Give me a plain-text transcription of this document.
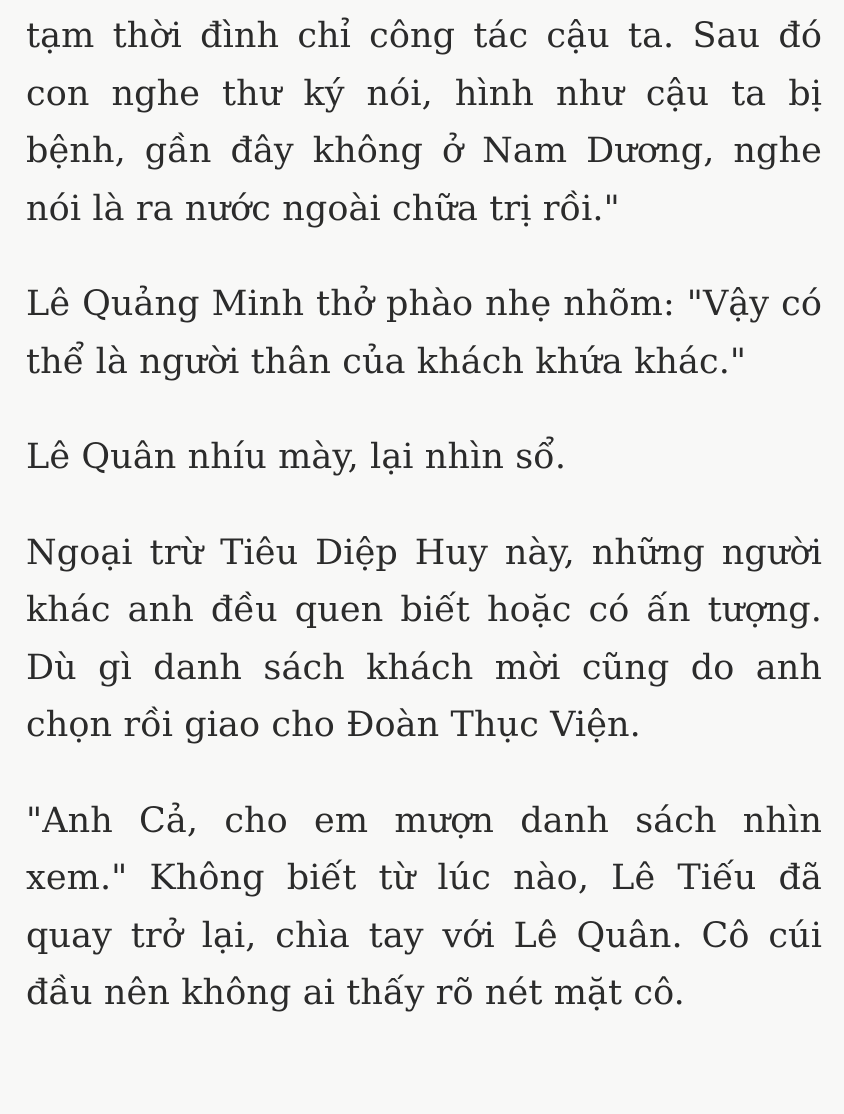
tạm thời đình chỉ công tác cậu ta. Sau đó con nghe thư ký nói, hình như cậu ta bị bệnh, gần đây không ở Nam Dương, nghe nói là ra nước ngoài chữa trị rồi."

Lê Quảng Minh thở phào nhẹ nhõm: "Vậy có thể là người thân của khách khứa khác."

Lê Quân nhíu mày, lại nhìn sổ.

Ngoại trừ Tiêu Diệp Huy này, những người khác anh đều quen biết hoặc có ấn tượng. Dù gì danh sách khách mời cũng do anh chọn rồi giao cho Đoàn Thục Viện.

"Anh Cả, cho em mượn danh sách nhìn xem." Không biết từ lúc nào, Lê Tiếu đã quay trở lại, chìa tay với Lê Quân. Cô cúi đầu nên không ai thấy rõ nét mặt cô.
